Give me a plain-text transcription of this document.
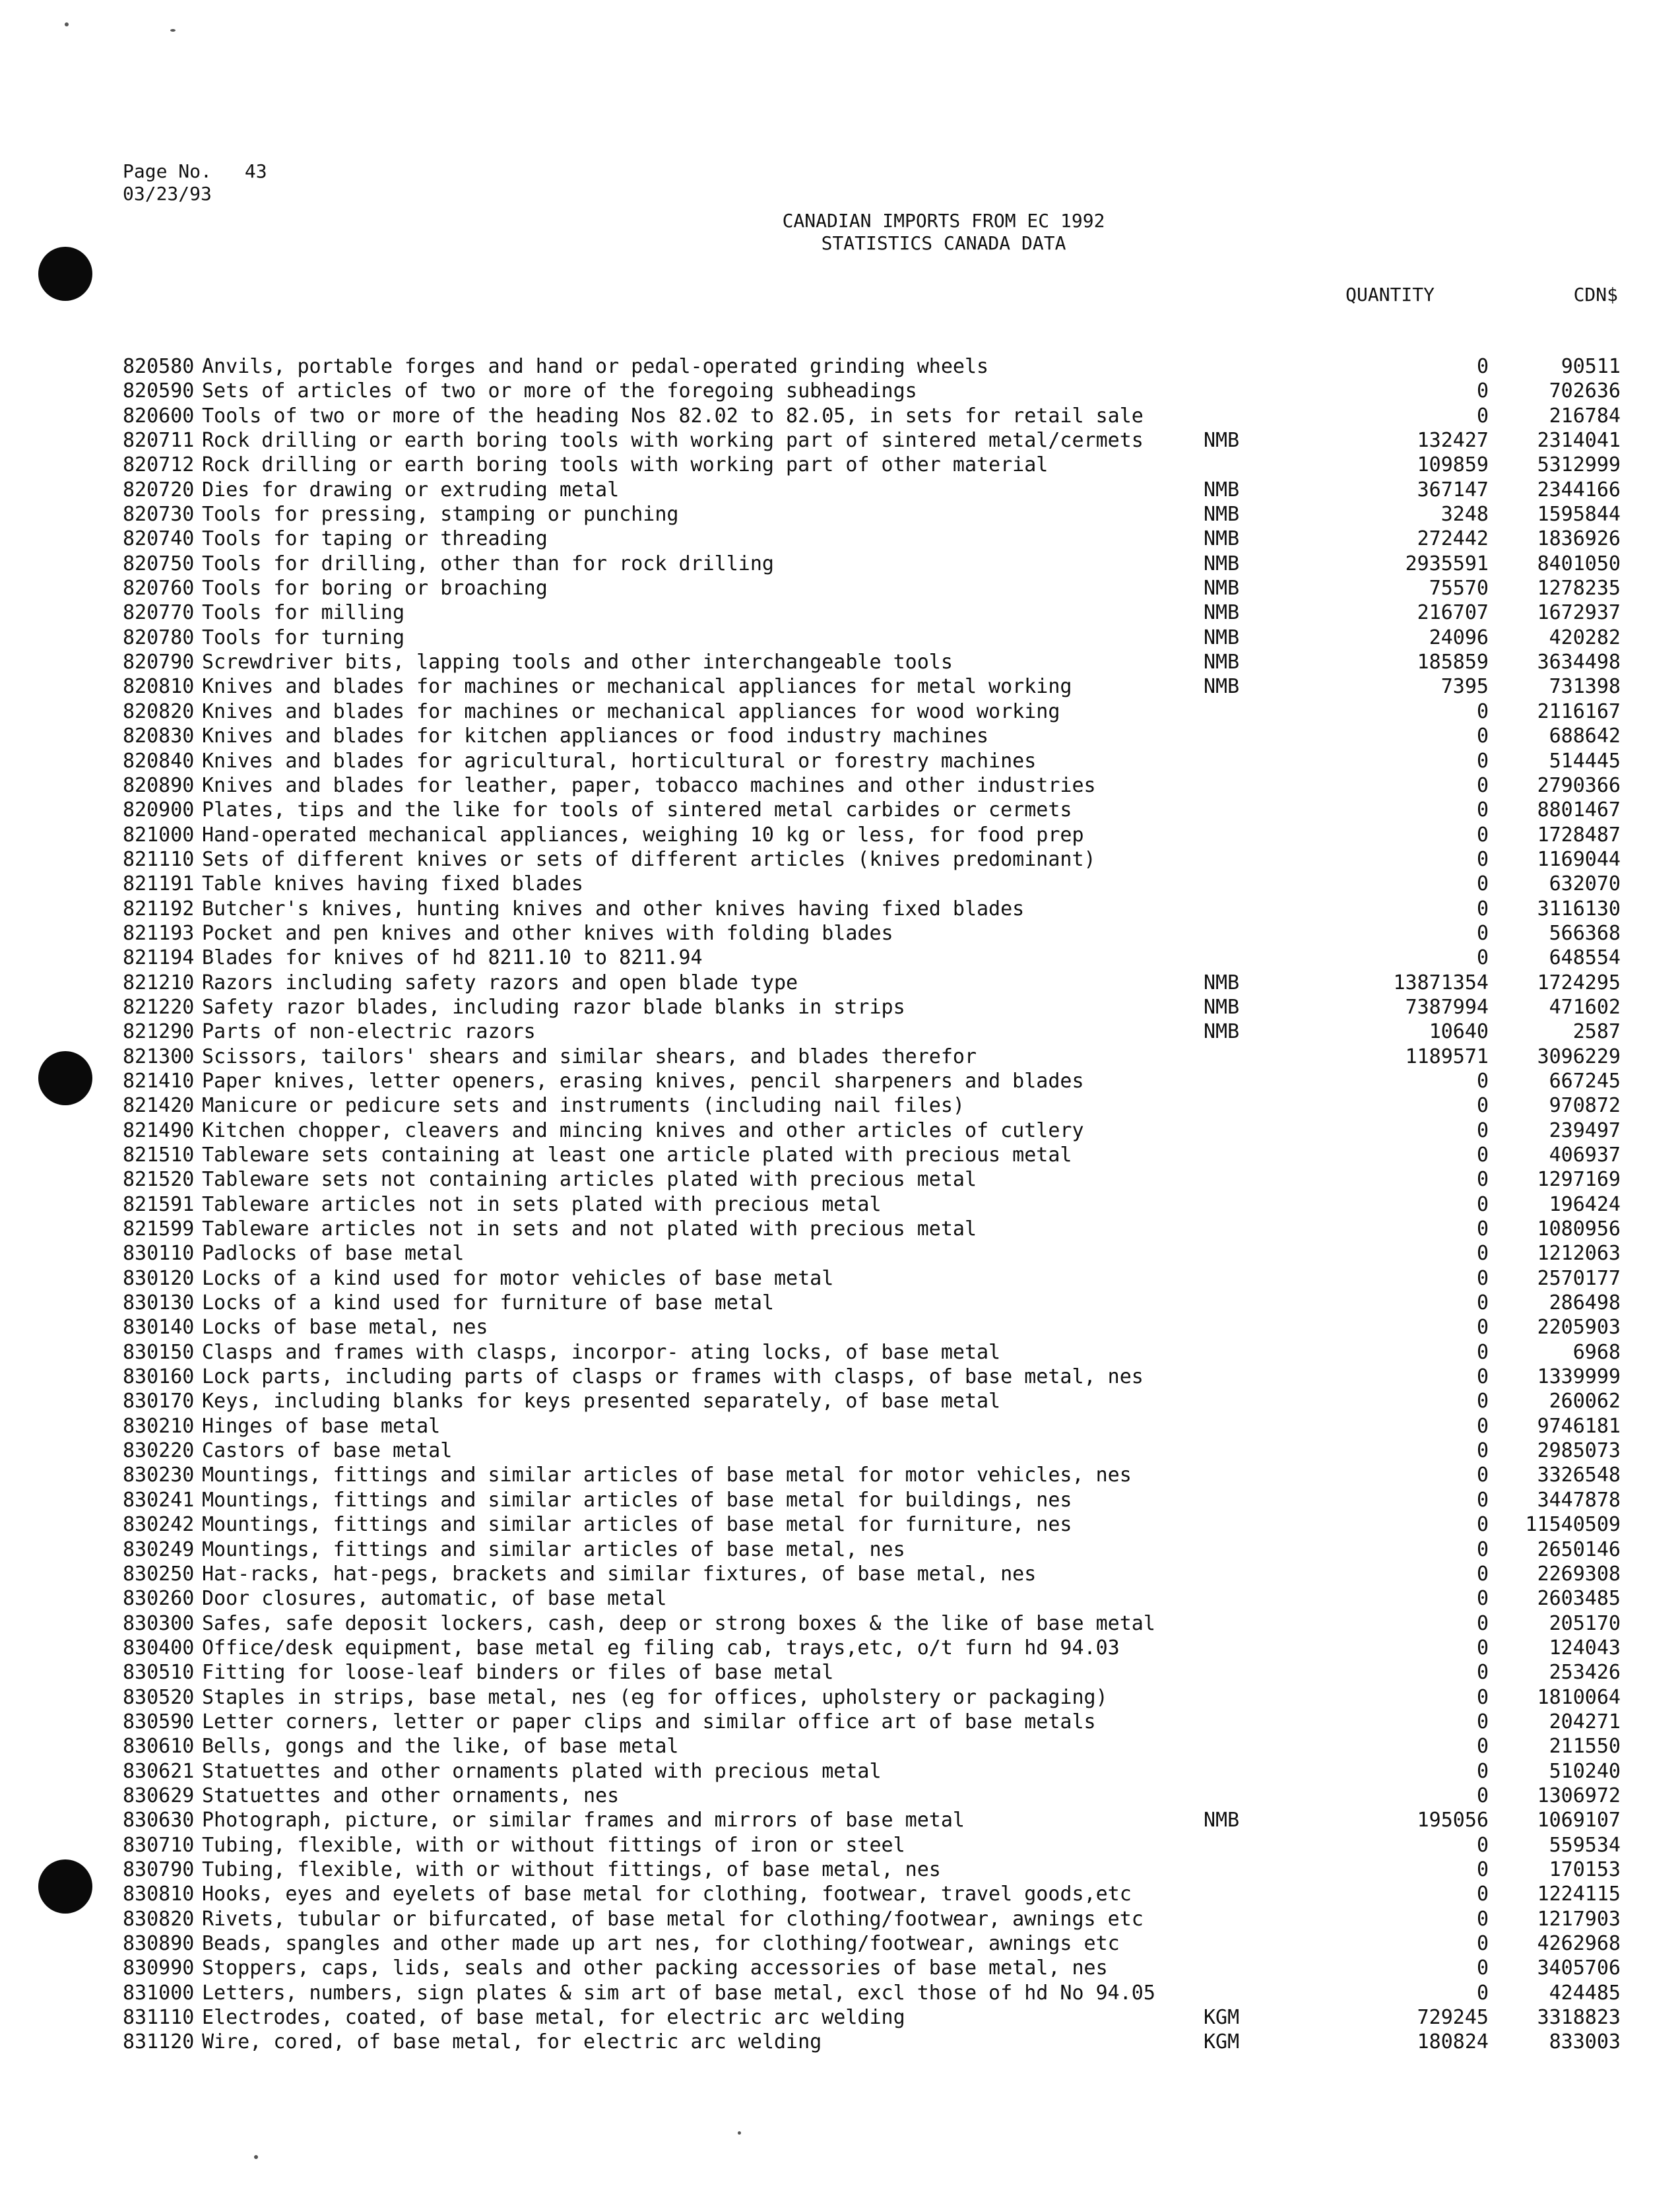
Page No. 43
03/23/93
CANADIAN IMPORTS FROM EC 1992
STATISTICS CANADA DATA
QUANTITY	CDN$
820580 Anvils, portable forges and hand or pedal-operated grinding wheels	0	90511
820590 Sets of articles of two or more of the foregoing subheadings	0	702636
820600 Tools of two or more of the heading Nos 82.02 to 82.05, in sets for retail sale	0	216784
820711 Rock drilling or earth boring tools with working part of sintered metal/cermets	NMB	132427 2314041
820712 Rock drilling or earth boring tools with working part of other material	109859 5312999
820720 Dies for drawing or extruding metal	NMB	367147 2344166
820730 Tools for pressing, stamping or punching	NMB	3248 1595844
820740 Tools for taping or threading	NMB	272442 1836926
820750 Tools for drilling, other than for rock drilling	NMB	2935591 8401050
820760 Tools for boring or broaching	NMB	75570 1278235
820770 Tools for milling	NMB	216707 1672937
820780 Tools for turning	NMB	24096	420282
820790 Screwdriver bits, lapping tools and other interchangeable tools	NMB	185859 3634498
820810 Knives and blades for machines or mechanical appliances for metal working	NMB	7395	731398
820820 Knives and blades for machines or mechanical appliances for wood working	0 2116167
820830 Knives and blades for kitchen appliances or food industry machines	0	688642
820840 Knives and blades for agricultural, horticultural or forestry machines	0	514445
820890 Knives and blades for leather, paper, tobacco machines and other industries	0 2790366
820900 Plates, tips and the like for tools of sintered metal carbides or cermets	0 8801467
821000 Hand-operated mechanical appliances, weighing 10 kg or less, for food prep	0 1728487
821110 Sets of different knives or sets of different articles (knives predominant)	0 1169044
821191 Table knives having fixed blades	0	632070
821192 Butcher's knives, hunting knives and other knives having fixed blades	0 3116130
821193 Pocket and pen knives and other knives with folding blades	0	566368
821194 Blades for knives of hd 8211.10 to 8211.94	0	648554
821210 Razors including safety razors and open blade type	NMB	13871354 1724295
821220 Safety razor blades, including razor blade blanks in strips	NMB	7387994	471602
821290 Parts of non-electric razors	NMB	10640	2587
821300 Scissors, tailors' shears and similar shears, and blades therefor	1189571 3096229
821410 Paper knives, letter openers, erasing knives, pencil sharpeners and blades	0	667245
821420 Manicure or pedicure sets and instruments (including nail files)	0	970872
821490 Kitchen chopper, cleavers and mincing knives and other articles of cutlery	0	239497
821510 Tableware sets containing at least one article plated with precious metal	0	406937
821520 Tableware sets not containing articles plated with precious metal	0 1297169
821591 Tableware articles not in sets plated with precious metal	0	196424
821599 Tableware articles not in sets and not plated with precious metal	0 1080956
830110 Padlocks of base metal	0 1212063
830120 Locks of a kind used for motor vehicles of base metal	0 2570177
830130 Locks of a kind used for furniture of base metal	0	286498
830140 Locks of base metal, nes	0 2205903
830150 Clasps and frames with clasps, incorpor- ating locks, of base metal	0	6968
830160 Lock parts, including parts of clasps or frames with clasps, of base metal, nes	0 1339999
830170 Keys, including blanks for keys presented separately, of base metal	0	260062
830210 Hinges of base metal	0 9746181
830220 Castors of base metal	0 2985073
830230 Mountings, fittings and similar articles of base metal for motor vehicles, nes	0 3326548
830241 Mountings, fittings and similar articles of base metal for buildings, nes	0 3447878
830242 Mountings, fittings and similar articles of base metal for furniture, nes	0 11540509
830249 Mountings, fittings and similar articles of base metal, nes	0 2650146
830250 Hat-racks, hat-pegs, brackets and similar fixtures, of base metal, nes	0 2269308
830260 Door closures, automatic, of base metal	0 2603485
830300 Safes, safe deposit lockers, cash, deep or strong boxes & the like of base metal	0	205170
830400 Office/desk equipment, base metal eg filing cab, trays,etc, o/t furn hd 94.03	0	124043
830510 Fitting for loose-leaf binders or files of base metal	0	253426
830520 Staples in strips, base metal, nes (eg for offices, upholstery or packaging)	0 1810064
830590 Letter corners, letter or paper clips and similar office art of base metals	0	204271
830610 Bells, gongs and the like, of base metal	0	211550
830621 Statuettes and other ornaments plated with precious metal	0	510240
830629 Statuettes and other ornaments, nes	0 1306972
830630 Photograph, picture, or similar frames and mirrors of base metal	NMB	195056 1069107
830710 Tubing, flexible, with or without fittings of iron or steel	0	559534
830790 Tubing, flexible, with or without fittings, of base metal, nes	0	170153
830810 Hooks, eyes and eyelets of base metal for clothing, footwear, travel goods,etc	0 1224115
830820 Rivets, tubular or bifurcated, of base metal for clothing/footwear, awnings etc	0 1217903
830890 Beads, spangles and other made up art nes, for clothing/footwear, awnings etc	0 4262968
830990 Stoppers, caps, lids, seals and other packing accessories of base metal, nes	0 3405706
831000 Letters, numbers, sign plates & sim art of base metal, excl those of hd No 94.05	0	424485
831110 Electrodes, coated, of base metal, for electric arc welding	KGM	729245 3318823
831120 Wire, cored, of base metal, for electric arc welding	KGM	180824	833003
